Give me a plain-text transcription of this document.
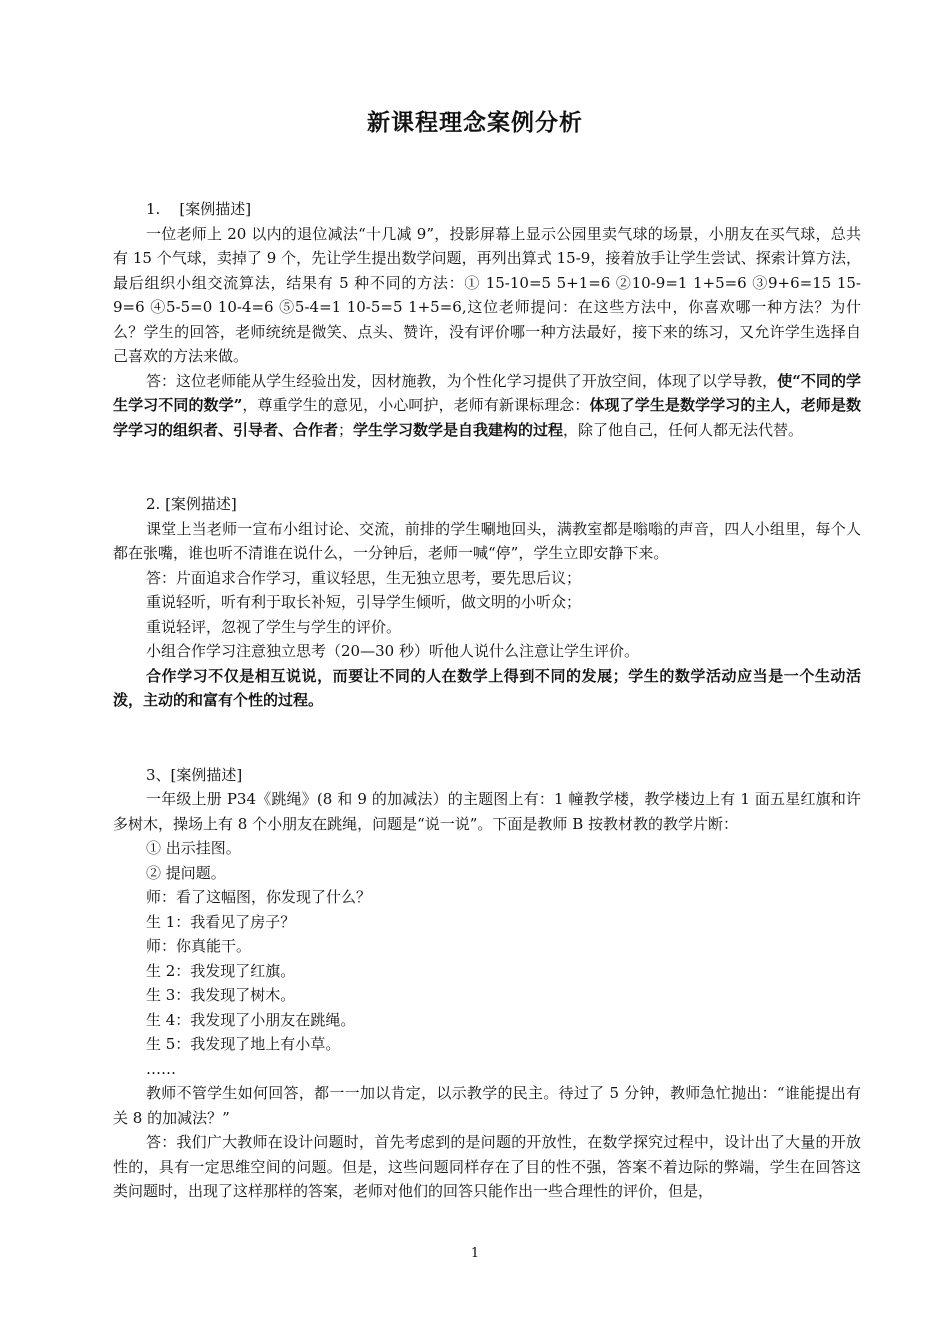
新课程理念案例分析

1.    [案例描述]

一位老师上 20 以内的退位减法“十几减 9”，投影屏幕上显示公园里卖气球的场景，小朋友在买气球，总共有 15 个气球，卖掉了 9 个，先让学生提出数学问题，再列出算式 15-9，接着放手让学生尝试、探索计算方法，最后组织小组交流算法，结果有 5 种不同的方法：① 15-10=5 5+1=6 ②10-9=1 1+5=6 ③9+6=15 15-9=6 ④5-5=0 10-4=6 ⑤5-4=1 10-5=5 1+5=6,这位老师提问：在这些方法中，你喜欢哪一种方法？为什么？学生的回答，老师统统是微笑、点头、赞许，没有评价哪一种方法最好，接下来的练习，又允许学生选择自己喜欢的方法来做。

答：这位老师能从学生经验出发，因材施教，为个性化学习提供了开放空间，体现了以学导教，使“不同的学生学习不同的数学”，尊重学生的意见，小心呵护，老师有新课标理念：体现了学生是数学学习的主人，老师是数学学习的组织者、引导者、合作者；学生学习数学是自我建构的过程，除了他自己，任何人都无法代替。

2. [案例描述]

课堂上当老师一宣布小组讨论、交流，前排的学生唰地回头，满教室都是嗡嗡的声音，四人小组里，每个人都在张嘴，谁也听不清谁在说什么，一分钟后，老师一喊“停”，学生立即安静下来。

答：片面追求合作学习，重议轻思，生无独立思考，要先思后议；

重说轻听，听有利于取长补短，引导学生倾听，做文明的小听众；

重说轻评，忽视了学生与学生的评价。

小组合作学习注意独立思考（20—30 秒）听他人说什么注意让学生评价。

合作学习不仅是相互说说，而要让不同的人在数学上得到不同的发展；学生的数学活动应当是一个生动活泼，主动的和富有个性的过程。

3、[案例描述]

一年级上册 P34《跳绳》(8 和 9 的加减法）的主题图上有：1 幢教学楼，教学楼边上有 1 面五星红旗和许多树木，操场上有 8 个小朋友在跳绳，问题是“说一说”。下面是教师 B 按教材教的教学片断：

① 出示挂图。

② 提问题。

师：看了这幅图，你发现了什么？

生 1：我看见了房子？

师：你真能干。

生 2：我发现了红旗。

生 3：我发现了树木。

生 4：我发现了小朋友在跳绳。

生 5：我发现了地上有小草。

……

教师不管学生如何回答，都一一加以肯定，以示教学的民主。待过了 5 分钟，教师急忙抛出：“谁能提出有关 8 的加减法？”

答：我们广大教师在设计问题时，首先考虑到的是问题的开放性，在数学探究过程中，设计出了大量的开放性的，具有一定思维空间的问题。但是，这些问题同样存在了目的性不强，答案不着边际的弊端，学生在回答这类问题时，出现了这样那样的答案，老师对他们的回答只能作出一些合理性的评价，但是，

1
